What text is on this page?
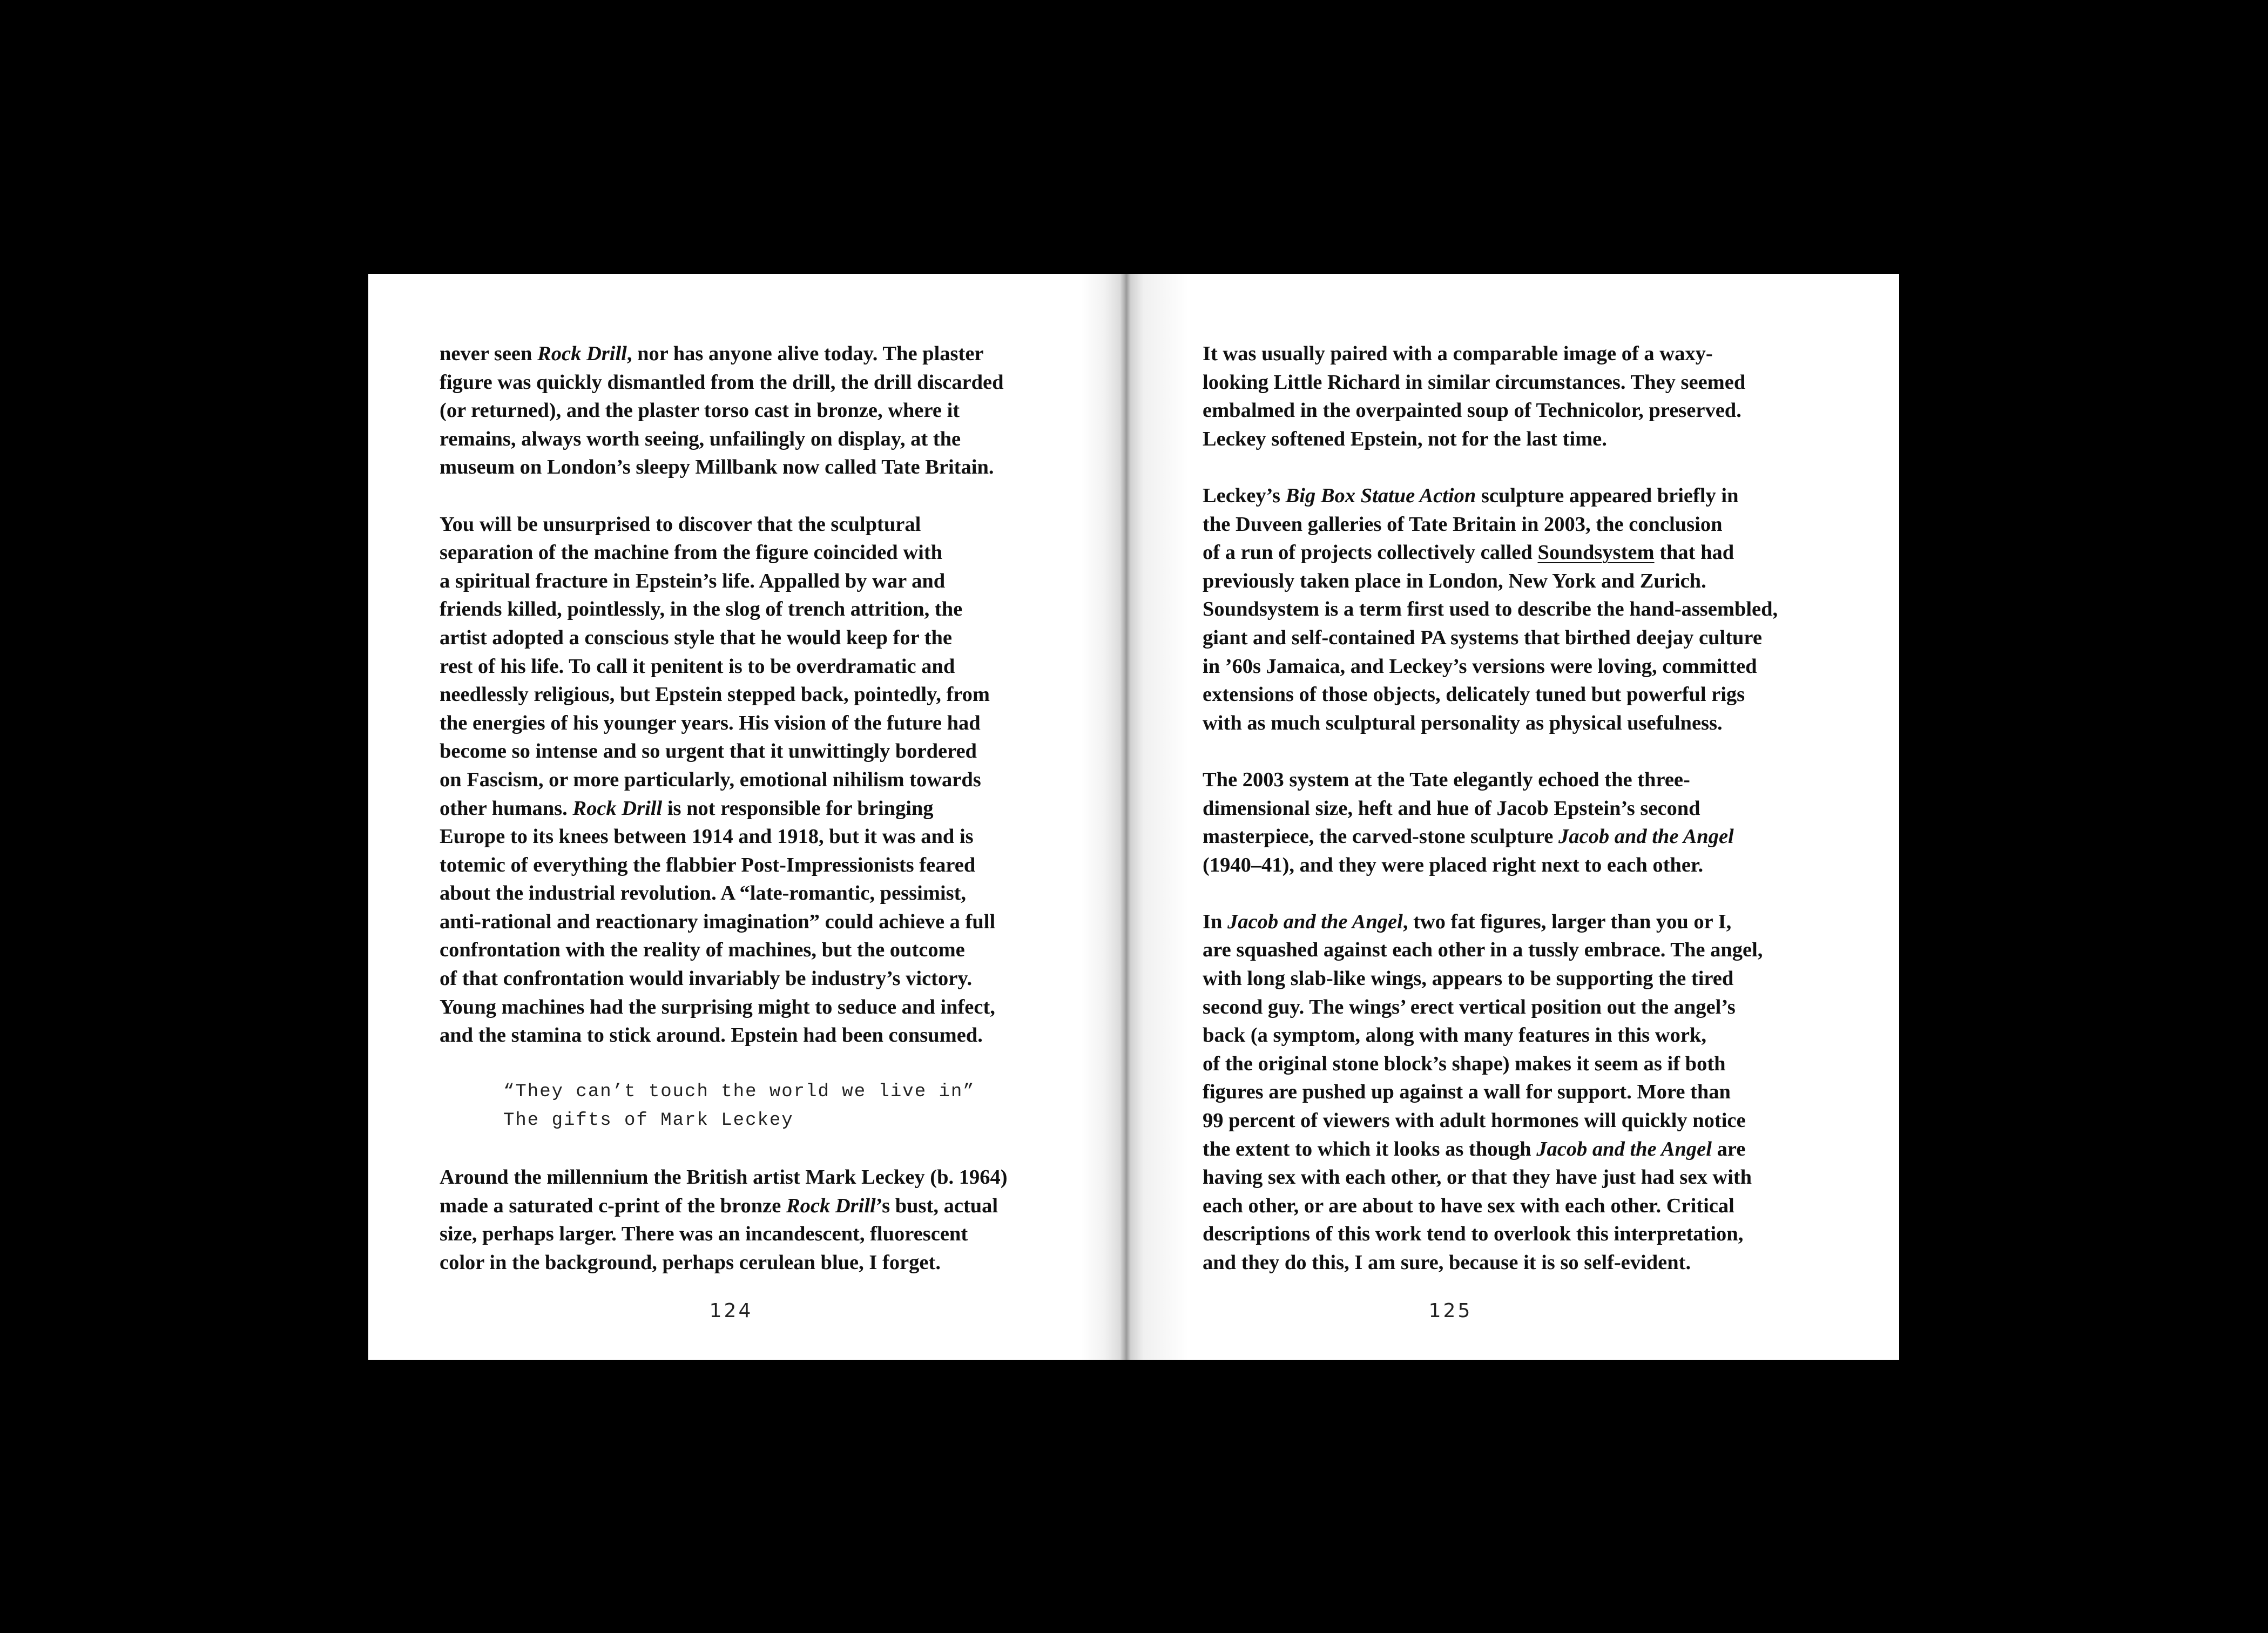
never seen Rock Drill, nor has anyone alive today. The plaster
figure was quickly dismantled from the drill, the drill discarded
(or returned), and the plaster torso cast in bronze, where it
remains, always worth seeing, unfailingly on display, at the
museum on London’s sleepy Millbank now called Tate Britain.
You will be unsurprised to discover that the sculptural
separation of the machine from the figure coincided with
a spiritual fracture in Epstein’s life. Appalled by war and
friends killed, pointlessly, in the slog of trench attrition, the
artist adopted a conscious style that he would keep for the
rest of his life. To call it penitent is to be overdramatic and
needlessly religious, but Epstein stepped back, pointedly, from
the energies of his younger years. His vision of the future had
become so intense and so urgent that it unwittingly bordered
on Fascism, or more particularly, emotional nihilism towards
other humans. Rock Drill is not responsible for bringing
Europe to its knees between 1914 and 1918, but it was and is
totemic of everything the flabbier Post-Impressionists feared
about the industrial revolution. A “late-romantic, pessimist,
anti-rational and reactionary imagination” could achieve a full
confrontation with the reality of machines, but the outcome
of that confrontation would invariably be industry’s victory.
Young machines had the surprising might to seduce and infect,
and the stamina to stick around. Epstein had been consumed.
“They can’t touch the world we live in”
The gifts of Mark Leckey
Around the millennium the British artist Mark Leckey (b. 1964)
made a saturated c-print of the bronze Rock Drill’s bust, actual
size, perhaps larger. There was an incandescent, fluorescent
color in the background, perhaps cerulean blue, I forget.
124
It was usually paired with a comparable image of a waxy-
looking Little Richard in similar circumstances. They seemed
embalmed in the overpainted soup of Technicolor, preserved.
Leckey softened Epstein, not for the last time.
Leckey’s Big Box Statue Action sculpture appeared briefly in
the Duveen galleries of Tate Britain in 2003, the conclusion
of a run of projects collectively called Soundsystem that had
previously taken place in London, New York and Zurich.
Soundsystem is a term first used to describe the hand-assembled,
giant and self-contained PA systems that birthed deejay culture
in ’60s Jamaica, and Leckey’s versions were loving, committed
extensions of those objects, delicately tuned but powerful rigs
with as much sculptural personality as physical usefulness.
The 2003 system at the Tate elegantly echoed the three-
dimensional size, heft and hue of Jacob Epstein’s second
masterpiece, the carved-stone sculpture Jacob and the Angel
(1940–41), and they were placed right next to each other.
In Jacob and the Angel, two fat figures, larger than you or I,
are squashed against each other in a tussly embrace. The angel,
with long slab-like wings, appears to be supporting the tired
second guy. The wings’ erect vertical position out the angel’s
back (a symptom, along with many features in this work,
of the original stone block’s shape) makes it seem as if both
figures are pushed up against a wall for support. More than
99 percent of viewers with adult hormones will quickly notice
the extent to which it looks as though Jacob and the Angel are
having sex with each other, or that they have just had sex with
each other, or are about to have sex with each other. Critical
descriptions of this work tend to overlook this interpretation,
and they do this, I am sure, because it is so self-evident.
125
